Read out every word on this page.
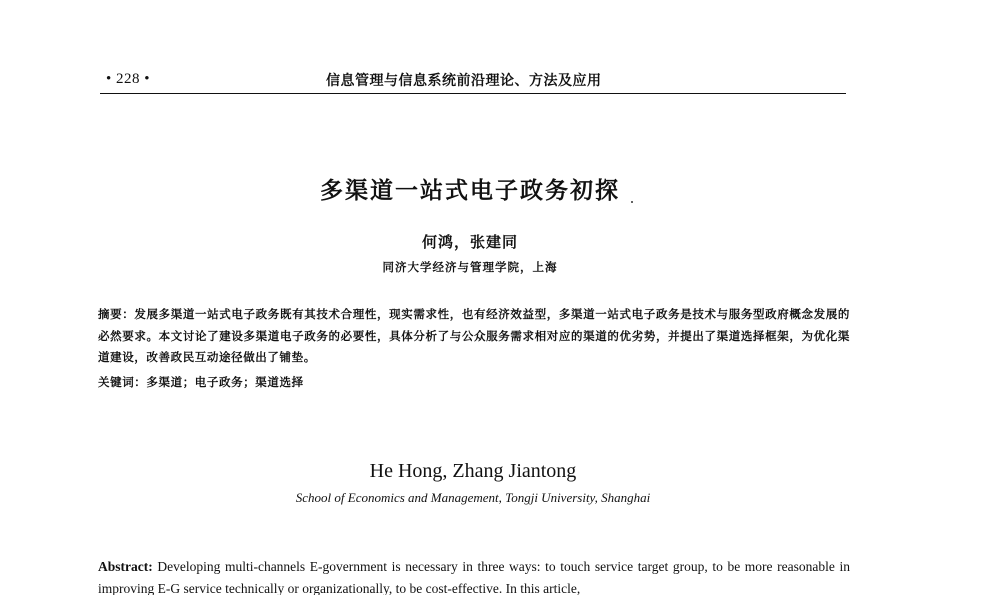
• 228 •	信息管理与信息系统前沿理论、方法及应用
多渠道一站式电子政务初探
何鸿，张建同
同济大学经济与管理学院，上海
摘要：发展多渠道一站式电子政务既有其技术合理性，现实需求性，也有经济效益型，多渠道一站式电子政务是技术与服务型政府概念发展的必然要求。本文讨论了建设多渠道电子政务的必要性，具体分析了与公众服务需求相对应的渠道的优劣势，并提出了渠道选择框架，为优化渠道建设，改善政民互动途径做出了铺垫。
关键词：多渠道；电子政务；渠道选择
He Hong, Zhang Jiantong
School of Economics and Management, Tongji University, Shanghai
Abstract: Developing multi-channels E-government is necessary in three ways: to touch service target group, to be more reasonable in improving E-G service technically or organizationally, to be cost-effective. In this article,
